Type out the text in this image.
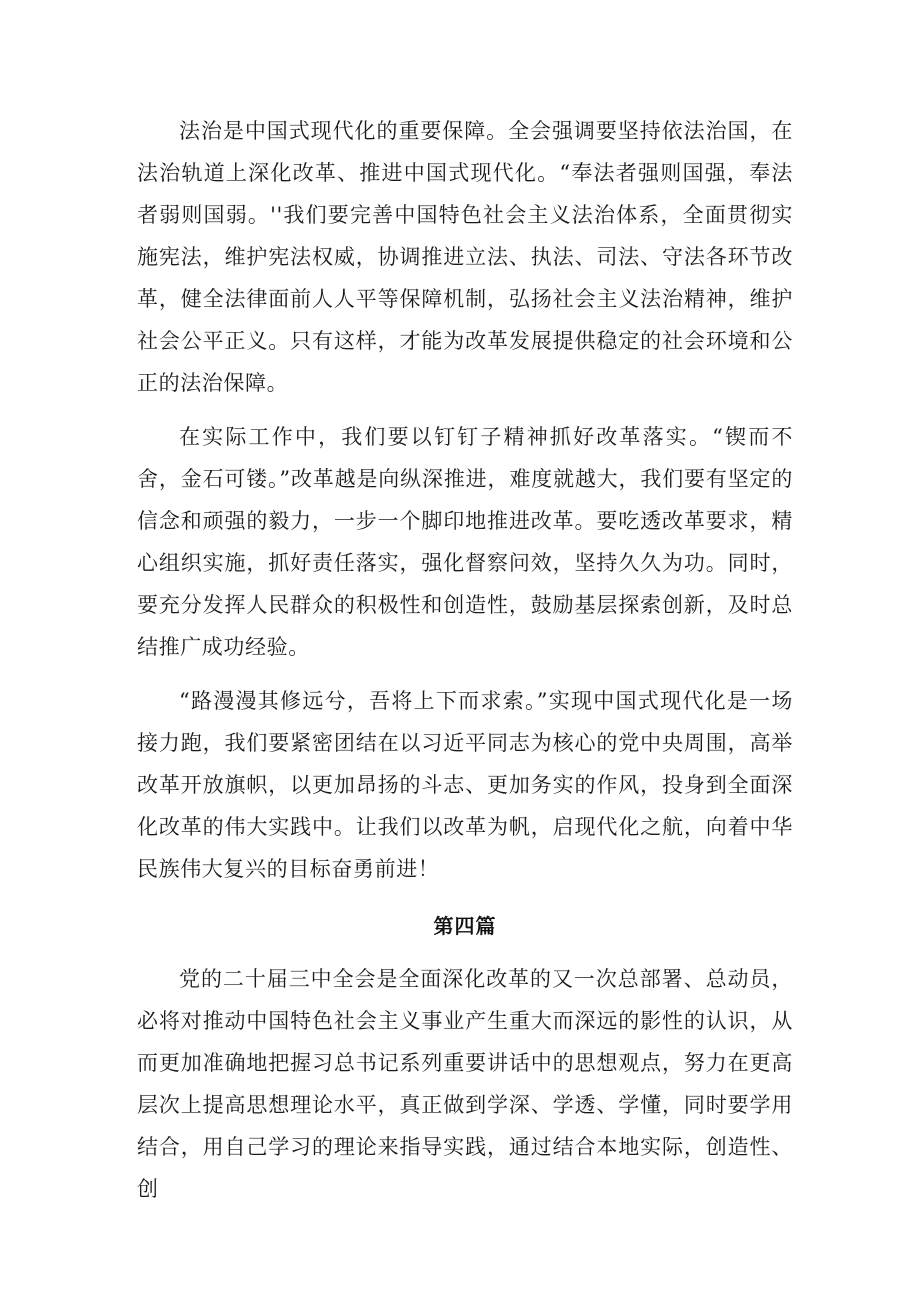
法治是中国式现代化的重要保障。全会强调要坚持依法治国，在法治轨道上深化改革、推进中国式现代化。“奉法者强则国强，奉法者弱则国弱。''我们要完善中国特色社会主义法治体系，全面贯彻实施宪法，维护宪法权威，协调推进立法、执法、司法、守法各环节改革，健全法律面前人人平等保障机制，弘扬社会主义法治精神，维护社会公平正义。只有这样，才能为改革发展提供稳定的社会环境和公正的法治保障。

在实际工作中，我们要以钉钉子精神抓好改革落实。“锲而不舍，金石可镂。”改革越是向纵深推进，难度就越大，我们要有坚定的信念和顽强的毅力，一步一个脚印地推进改革。要吃透改革要求，精心组织实施，抓好责任落实，强化督察问效，坚持久久为功。同时，要充分发挥人民群众的积极性和创造性，鼓励基层探索创新，及时总结推广成功经验。

“路漫漫其修远兮，吾将上下而求索。”实现中国式现代化是一场接力跑，我们要紧密团结在以习近平同志为核心的党中央周围，高举改革开放旗帜，以更加昂扬的斗志、更加务实的作风，投身到全面深化改革的伟大实践中。让我们以改革为帆，启现代化之航，向着中华民族伟大复兴的目标奋勇前进！

第四篇

党的二十届三中全会是全面深化改革的又一次总部署、总动员，必将对推动中国特色社会主义事业产生重大而深远的影性的认识，从而更加准确地把握习总书记系列重要讲话中的思想观点，努力在更高层次上提高思想理论水平，真正做到学深、学透、学懂，同时要学用结合，用自己学习的理论来指导实践，通过结合本地实际，创造性、创
